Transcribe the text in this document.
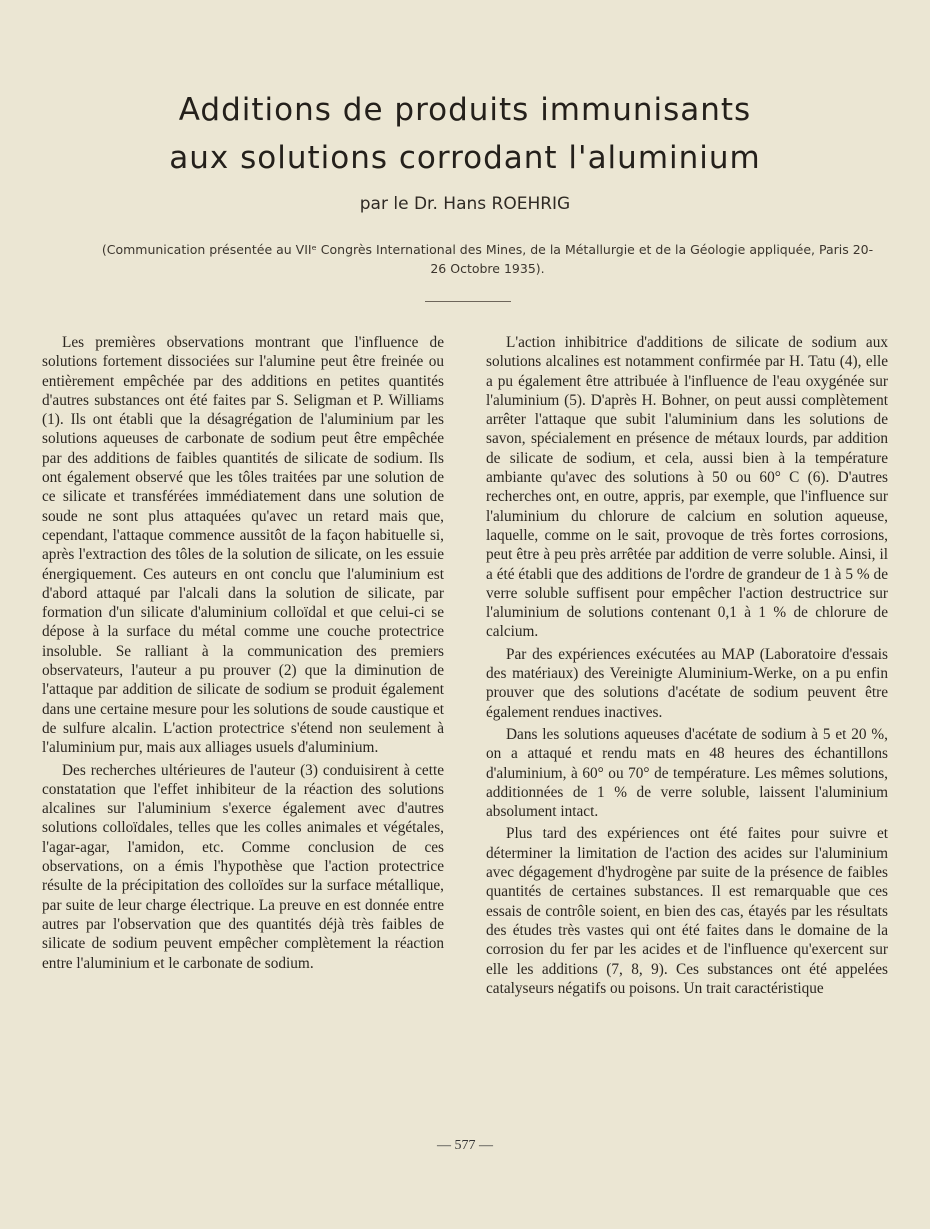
Additions de produits immunisants
aux solutions corrodant l'aluminium
par le Dr. Hans ROEHRIG
(Communication présentée au VIIᵉ Congrès International des Mines, de la Métallurgie et de la Géologie appliquée, Paris 20-26 Octobre 1935).

Les premières observations montrant que l'influence de solutions fortement dissociées sur l'alumine peut être freinée ou entièrement empêchée par des additions en petites quantités d'autres substances ont été faites par S. Seligman et P. Williams (1). Ils ont établi que la désagrégation de l'aluminium par les solutions aqueuses de carbonate de sodium peut être empêchée par des additions de faibles quantités de silicate de sodium. Ils ont également observé que les tôles traitées par une solution de ce silicate et transférées immédiatement dans une solution de soude ne sont plus attaquées qu'avec un retard mais que, cependant, l'attaque commence aussitôt de la façon habituelle si, après l'extraction des tôles de la solution de silicate, on les essuie énergiquement. Ces auteurs en ont conclu que l'aluminium est d'abord attaqué par l'alcali dans la solution de silicate, par formation d'un silicate d'aluminium colloïdal et que celui-ci se dépose à la surface du métal comme une couche protectrice insoluble. Se ralliant à la communication des premiers observateurs, l'auteur a pu prouver (2) que la diminution de l'attaque par addition de silicate de sodium se produit également dans une certaine mesure pour les solutions de soude caustique et de sulfure alcalin. L'action protectrice s'étend non seulement à l'aluminium pur, mais aux alliages usuels d'aluminium.

Des recherches ultérieures de l'auteur (3) conduisirent à cette constatation que l'effet inhibiteur de la réaction des solutions alcalines sur l'aluminium s'exerce également avec d'autres solutions colloïdales, telles que les colles animales et végétales, l'agar-agar, l'amidon, etc. Comme conclusion de ces observations, on a émis l'hypothèse que l'action protectrice résulte de la précipitation des colloïdes sur la surface métallique, par suite de leur charge électrique. La preuve en est donnée entre autres par l'observation que des quantités déjà très faibles de silicate de sodium peuvent empêcher complètement la réaction entre l'aluminium et le carbonate de sodium.

L'action inhibitrice d'additions de silicate de sodium aux solutions alcalines est notamment confirmée par H. Tatu (4), elle a pu également être attribuée à l'influence de l'eau oxygénée sur l'aluminium (5). D'après H. Bohner, on peut aussi complètement arrêter l'attaque que subit l'aluminium dans les solutions de savon, spécialement en présence de métaux lourds, par addition de silicate de sodium, et cela, aussi bien à la température ambiante qu'avec des solutions à 50 ou 60° C (6). D'autres recherches ont, en outre, appris, par exemple, que l'influence sur l'aluminium du chlorure de calcium en solution aqueuse, laquelle, comme on le sait, provoque de très fortes corrosions, peut être à peu près arrêtée par addition de verre soluble. Ainsi, il a été établi que des additions de l'ordre de grandeur de 1 à 5 % de verre soluble suffisent pour empêcher l'action destructrice sur l'aluminium de solutions contenant 0,1 à 1 % de chlorure de calcium.

Par des expériences exécutées au MAP (Laboratoire d'essais des matériaux) des Vereinigte Aluminium-Werke, on a pu enfin prouver que des solutions d'acétate de sodium peuvent être également rendues inactives.

Dans les solutions aqueuses d'acétate de sodium à 5 et 20 %, on a attaqué et rendu mats en 48 heures des échantillons d'aluminium, à 60° ou 70° de température. Les mêmes solutions, additionnées de 1 % de verre soluble, laissent l'aluminium absolument intact.

Plus tard des expériences ont été faites pour suivre et déterminer la limitation de l'action des acides sur l'aluminium avec dégagement d'hydrogène par suite de la présence de faibles quantités de certaines substances. Il est remarquable que ces essais de contrôle soient, en bien des cas, étayés par les résultats des études très vastes qui ont été faites dans le domaine de la corrosion du fer par les acides et de l'influence qu'exercent sur elle les additions (7, 8, 9). Ces substances ont été appelées catalyseurs négatifs ou poisons. Un trait caractéristique

— 577 —
